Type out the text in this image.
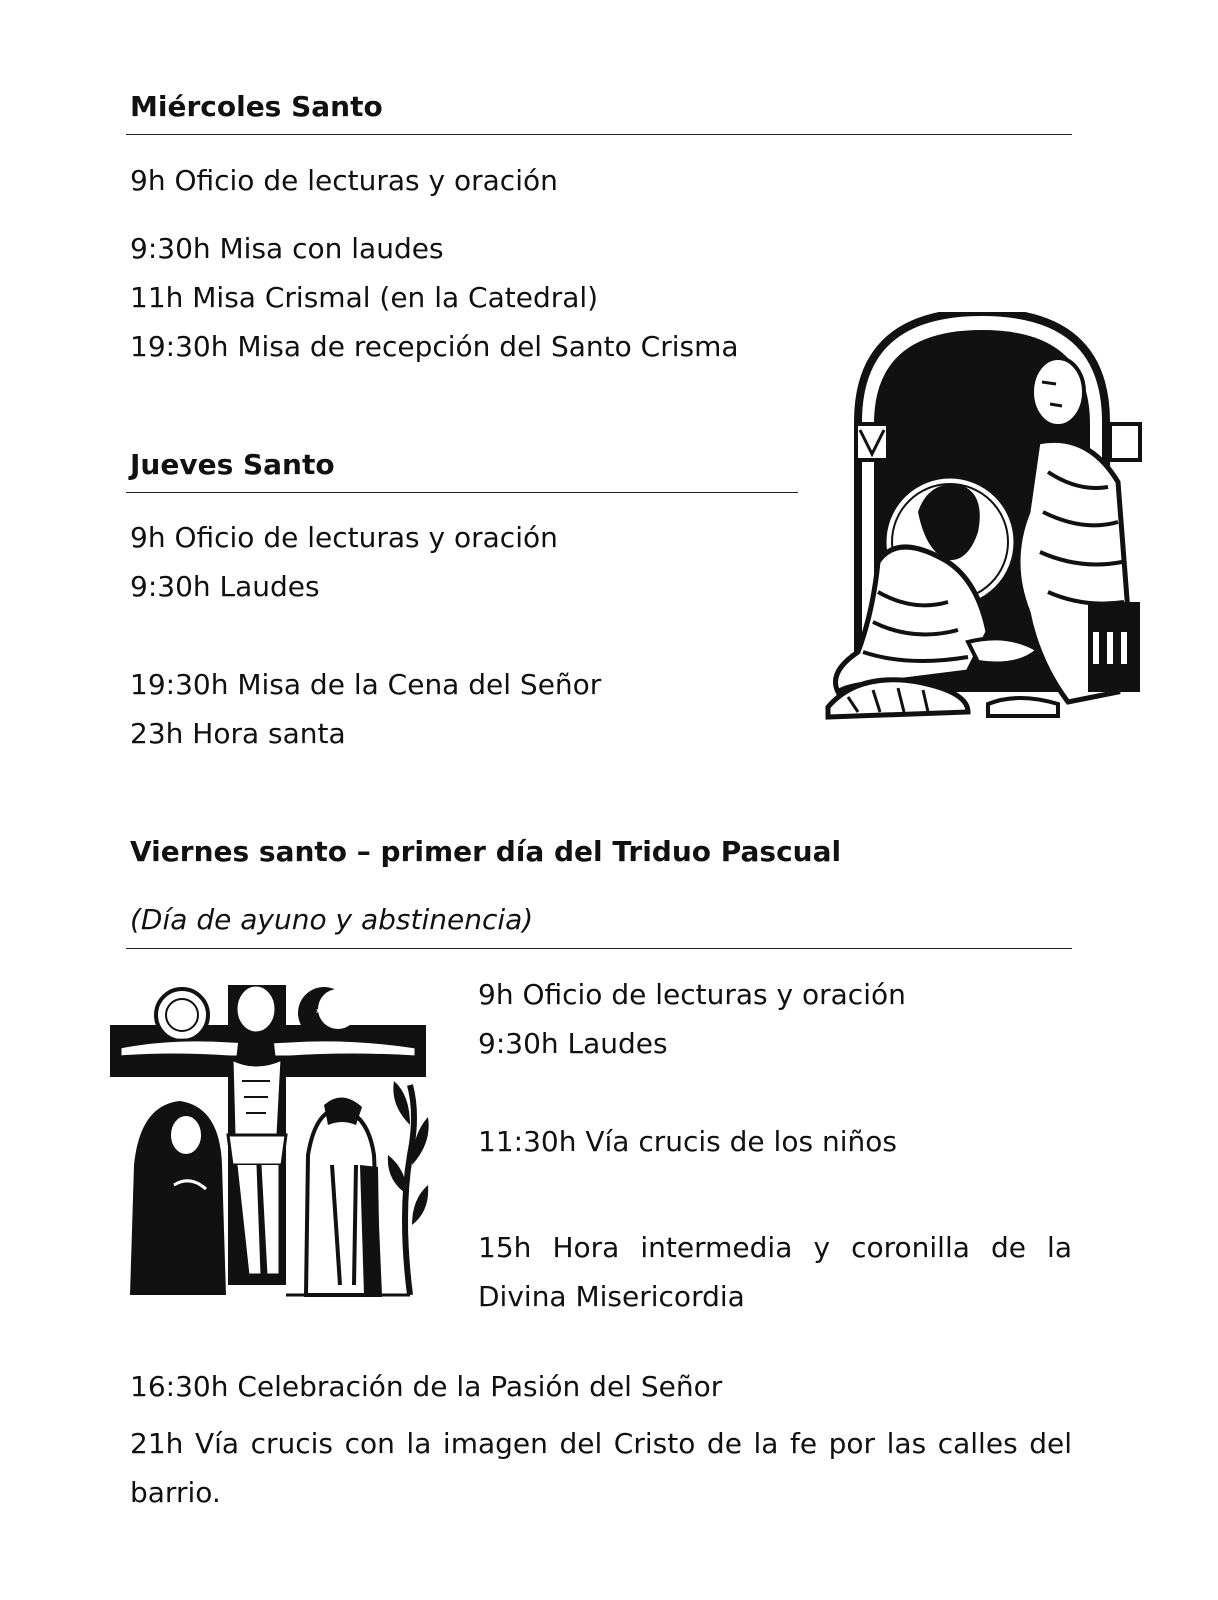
Miércoles Santo

9h Oficio de lecturas y oración

9:30h Misa con laudes

11h Misa Crismal (en la Catedral)

19:30h Misa de recepción del Santo Crisma

Jueves Santo

9h Oficio de lecturas y oración

9:30h Laudes

19:30h Misa de la Cena del Señor

23h Hora santa

Viernes santo – primer día del Triduo Pascual

(Día de ayuno y abstinencia)

9h Oficio de lecturas y oración

9:30h Laudes

11:30h Vía crucis de los niños

15h Hora intermedia y coronilla de la Divina Misericordia

16:30h Celebración de la Pasión del Señor

21h Vía crucis con la imagen del Cristo de la fe por las calles del barrio.
